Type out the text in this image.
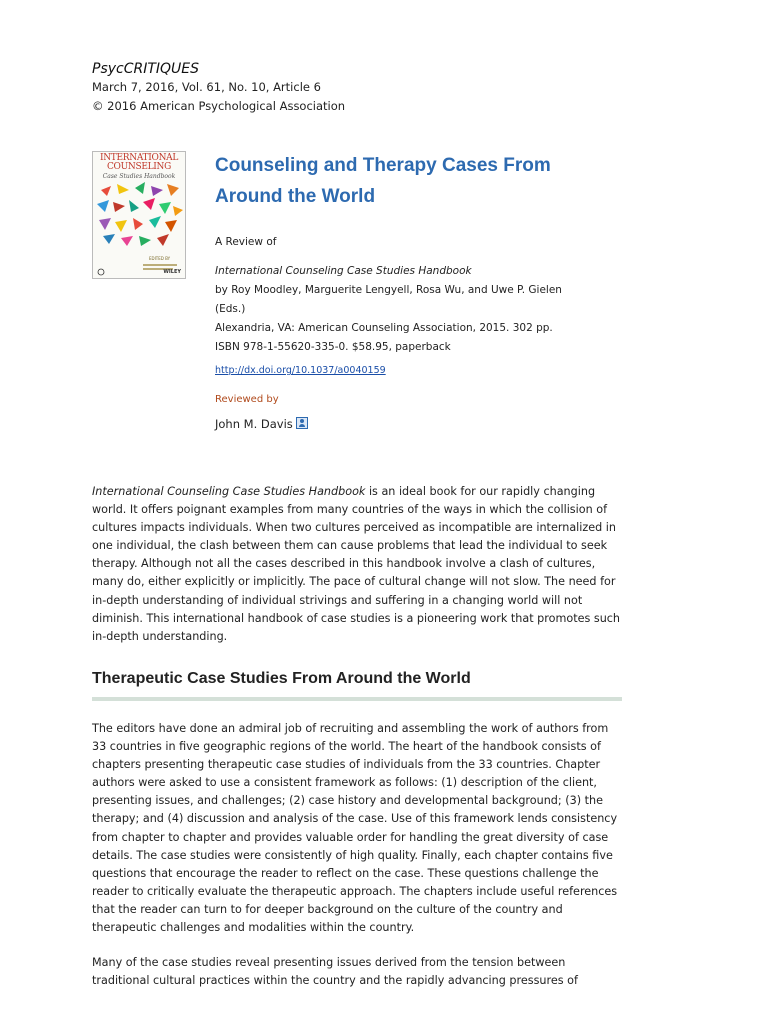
PsycCRITIQUES
March 7, 2016, Vol. 61, No. 10, Article 6
© 2016 American Psychological Association
INTERNATIONAL
COUNSELING
Case Studies Handbook
EDITED BY
WILEY
Counseling and Therapy Cases From
Around the World
A Review of
International Counseling Case Studies Handbook
by Roy Moodley, Marguerite Lengyell, Rosa Wu, and Uwe P. Gielen
(Eds.)
Alexandria, VA: American Counseling Association, 2015. 302 pp.
ISBN 978-1-55620-335-0. $58.95, paperback
http://dx.doi.org/10.1037/a0040159
Reviewed by
John M. Davis
International Counseling Case Studies Handbook is an ideal book for our rapidly changing world. It offers poignant examples from many countries of the ways in which the collision of cultures impacts individuals. When two cultures perceived as incompatible are internalized in one individual, the clash between them can cause problems that lead the individual to seek therapy. Although not all the cases described in this handbook involve a clash of cultures, many do, either explicitly or implicitly. The pace of cultural change will not slow. The need for in-depth understanding of individual strivings and suffering in a changing world will not diminish. This international handbook of case studies is a pioneering work that promotes such in-depth understanding.
Therapeutic Case Studies From Around the World
The editors have done an admiral job of recruiting and assembling the work of authors from 33 countries in five geographic regions of the world. The heart of the handbook consists of chapters presenting therapeutic case studies of individuals from the 33 countries. Chapter authors were asked to use a consistent framework as follows: (1) description of the client, presenting issues, and challenges; (2) case history and developmental background; (3) the therapy; and (4) discussion and analysis of the case. Use of this framework lends consistency from chapter to chapter and provides valuable order for handling the great diversity of case details. The case studies were consistently of high quality. Finally, each chapter contains five questions that encourage the reader to reflect on the case. These questions challenge the reader to critically evaluate the therapeutic approach. The chapters include useful references that the reader can turn to for deeper background on the culture of the country and therapeutic challenges and modalities within the country.
Many of the case studies reveal presenting issues derived from the tension between traditional cultural practices within the country and the rapidly advancing pressures of
